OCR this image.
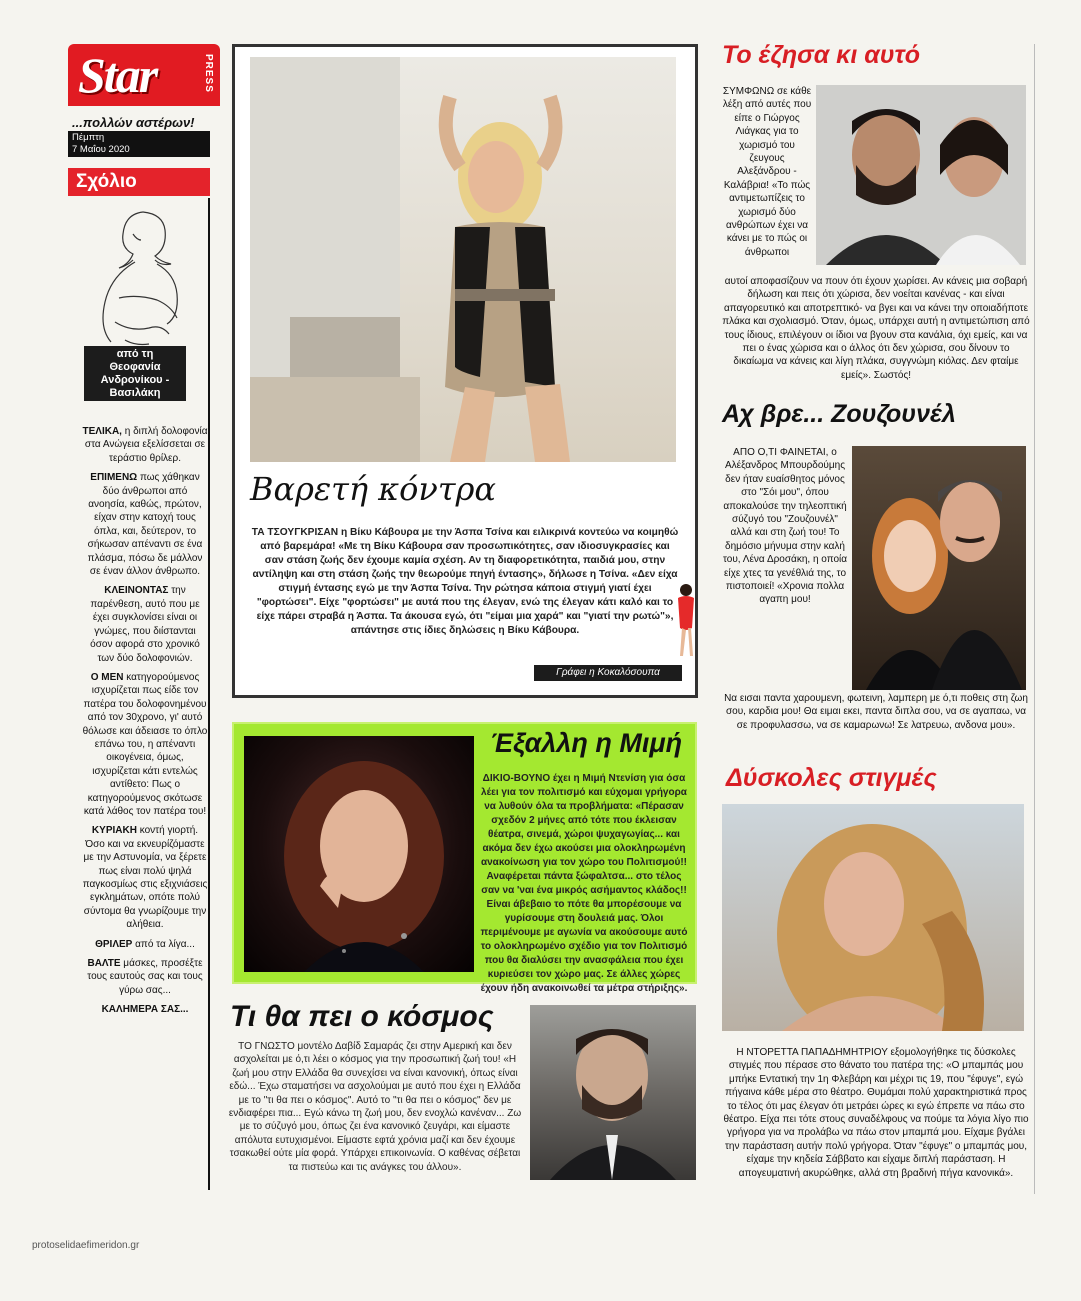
Star	PRESS
...πολλών αστέρων!
Πέμπτη
7 Μαΐου 2020
Σχόλιο
από τη
Θεοφανία
Ανδρονίκου -
Βασιλάκη

ΤΕΛΙΚΑ, η διπλή δολοφονία στα Ανώγεια εξελίσσεται σε τεράστιο θρίλερ.

ΕΠΙΜΕΝΩ πως χάθηκαν δύο άνθρωποι από ανοησία, καθώς, πρώτον, είχαν στην κατοχή τους όπλα, και, δεύτερον, το σήκωσαν απέναντι σε ένα πλάσμα, πόσω δε μάλλον σε έναν άλλον άνθρωπο.

ΚΛΕΙΝΟΝΤΑΣ την παρένθεση, αυτό που με έχει συγκλονίσει είναι οι γνώμες, που διίστανται όσον αφορά στο χρονικό των δύο δολοφονιών.

Ο ΜΕΝ κατηγορούμενος ισχυρίζεται πως είδε τον πατέρα του δολοφονημένου από τον 30χρονο, γι' αυτό θόλωσε και άδειασε το όπλο επάνω του, η απέναντι οικογένεια, όμως, ισχυρίζεται κάτι εντελώς αντίθετο: Πως ο κατηγορούμενος σκότωσε κατά λάθος τον πατέρα του!

ΚΥΡΙΑΚΗ κοντή γιορτή. Όσο και να εκνευρίζόμαστε με την Αστυνομία, να ξέρετε πως είναι πολύ ψηλά παγκοσμίως στις εξιχνιάσεις εγκλημάτων, οπότε πολύ σύντομα θα γνωρίζουμε την αλήθεια.

ΘΡΙΛΕΡ από τα λίγα...

ΒΑΛΤΕ μάσκες, προσέξτε τους εαυτούς σας και τους γύρω σας...

ΚΑΛΗΜΕΡΑ ΣΑΣ...

protoselidaefimeridon.gr
Βαρετή κόντρα
ΤΑ ΤΣΟΥΓΚΡΙΣΑΝ η Βίκυ Κάβουρα με την Άσπα Τσίνα και ειλικρινά κοντεύω να κοιμηθώ από βαρεμάρα! «Με τη Βίκυ Κάβουρα σαν προσωπικότητες, σαν ιδιοσυγκρασίες και σαν στάση ζωής δεν έχουμε καμία σχέση. Αν τη διαφορετικότητα, παιδιά μου, στην αντίληψη και στη στάση ζωής την θεωρούμε πηγή έντασης», δήλωσε η Τσίνα. «Δεν είχα στιγμή έντασης εγώ με την Άσπα Τσίνα. Την ρώτησα κάποια στιγμή γιατί έχει "φορτώσει". Είχε "φορτώσει" με αυτά που της έλεγαν, ενώ της έλεγαν κάτι καλό και το είχε πάρει στραβά η Άσπα. Τα άκουσα εγώ, ότι "είμαι μια χαρά" και "γιατί την ρωτώ"», απάντησε στις ίδιες δηλώσεις η Βίκυ Κάβουρα.
Γράφει η Κοκαλόσουπα
Έξαλλη η Μιμή
ΔΙΚΙΟ-ΒΟΥΝΟ έχει η Μιμή Ντενίση για όσα λέει για τον πολιτισμό και εύχομαι γρήγορα να λυθούν όλα τα προβλήματα: «Πέρασαν σχεδόν 2 μήνες από τότε που έκλεισαν θέατρα, σινεμά, χώροι ψυχαγωγίας... και ακόμα δεν έχω ακούσει μια ολοκληρωμένη ανακοίνωση για τον χώρο του Πολιτισμού!! Αναφέρεται πάντα ξώφαλτσα... στο τέλος σαν να 'ναι ένα μικρός ασήμαντος κλάδος!! Είναι άβεβαιο το πότε θα μπορέσουμε να γυρίσουμε στη δουλειά μας. Όλοι περιμένουμε με αγωνία να ακούσουμε αυτό το ολοκληρωμένο σχέδιο για τον Πολιτισμό που θα διαλύσει την ανασφάλεια που έχει κυριεύσει τον χώρο μας. Σε άλλες χώρες έχουν ήδη ανακοινωθεί τα μέτρα στήριξης».
Τι θα πει ο κόσμος
ΤΟ ΓΝΩΣΤΟ μοντέλο Δαβίδ Σαμαράς ζει στην Αμερική και δεν ασχολείται με ό,τι λέει ο κόσμος για την προσωπική ζωή του! «Η ζωή μου στην Ελλάδα θα συνεχίσει να είναι κανονική, όπως είναι εδώ... Έχω σταματήσει να ασχολούμαι με αυτό που έχει η Ελλάδα με το "τι θα πει ο κόσμος". Αυτό το "τι θα πει ο κόσμος" δεν με ενδιαφέρει πια... Εγώ κάνω τη ζωή μου, δεν ενοχλώ κανέναν... Ζω με το σύζυγό μου, όπως ζει ένα κανονικό ζευγάρι, και είμαστε απόλυτα ευτυχισμένοι. Είμαστε εφτά χρόνια μαζί και δεν έχουμε τσακωθεί ούτε μία φορά. Υπάρχει επικοινωνία. Ο καθένας σέβεται τα πιστεύω και τις ανάγκες του άλλου».
Το έζησα κι αυτό
ΣΥΜΦΩΝΩ σε κάθε λέξη από αυτές που είπε ο Γιώργος Λιάγκας για το χωρισμό του ζευγους Αλεξάνδρου - Καλάβρια! «Το πώς αντιμετωπίζεις το χωρισμό δύο ανθρώπων έχει να κάνει με το πώς οι άνθρωποι
αυτοί αποφασίζουν να πουν ότι έχουν χωρίσει. Αν κάνεις μια σοβαρή δήλωση και πεις ότι χώρισα, δεν νοείται κανένας - και είναι απαγορευτικό και αποτρεπτικό- να βγει και να κάνει την οποιαδήποτε πλάκα και σχολιασμό. Όταν, όμως, υπάρχει αυτή η αντιμετώπιση από τους ίδιους, επιλέγουν οι ίδιοι να βγουν στα κανάλια, όχι εμείς, και να πει ο ένας χώρισα και ο άλλος ότι δεν χώρισα, σου δίνουν το δικαίωμα να κάνεις και λίγη πλάκα, συγγνώμη κιόλας. Δεν φταίμε εμείς». Σωστός!
Αχ βρε... Ζουζουνέλ
ΑΠΟ Ο,ΤΙ ΦΑΙΝΕΤΑΙ, ο Αλέξανδρος Μπουρδούμης δεν ήταν ευαίσθητος μόνος στο "Σόι μου", όπου αποκαλούσε την τηλεοπτική σύζυγό του "Ζουζουνέλ" αλλά και στη ζωή του! Το δημόσιο μήνυμα στην καλή του, Λένα Δροσάκη, η οποία είχε χτες τα γενέθλιά της, το πιστοποιεί! «Χρονια πολλα αγαπη μου!
Να εισαι παντα χαρουμενη, φωτεινη, λαμπερη με ό,τι ποθεις στη ζωη σου, καρδια μου! Θα ειμαι εκει, παντα διπλα σου, να σε αγαπαω, να σε προφυλασσω, να σε καμαρωνω! Σε λατρευω, ανδονα μου».
Δύσκολες στιγμές
Η ΝΤΟΡΕΤΤΑ ΠΑΠΑΔΗΜΗΤΡΙΟΥ εξομολογήθηκε τις δύσκολες στιγμές που πέρασε στο θάνατο του πατέρα της: «Ο μπαμπάς μου μπήκε Εντατική την 1η Φλεβάρη και μέχρι τις 19, που "έφυγε", εγώ πήγαινα κάθε μέρα στο θέατρο. Θυμάμαι πολύ χαρακτηριστικά προς το τέλος ότι μας έλεγαν ότι μετράει ώρες κι εγώ έπρεπε να πάω στο θέατρο. Είχα πει τότε στους συναδέλφους να πούμε τα λόγια λίγο πιο γρήγορα για να προλάβω να πάω στον μπαμπά μου. Είχαμε βγάλει την παράσταση αυτήν πολύ γρήγορα. Όταν "έφυγε" ο μπαμπάς μου, είχαμε την κηδεία Σάββατο και είχαμε διπλή παράσταση. Η απογευματινή ακυρώθηκε, αλλά στη βραδινή πήγα κανονικά».
